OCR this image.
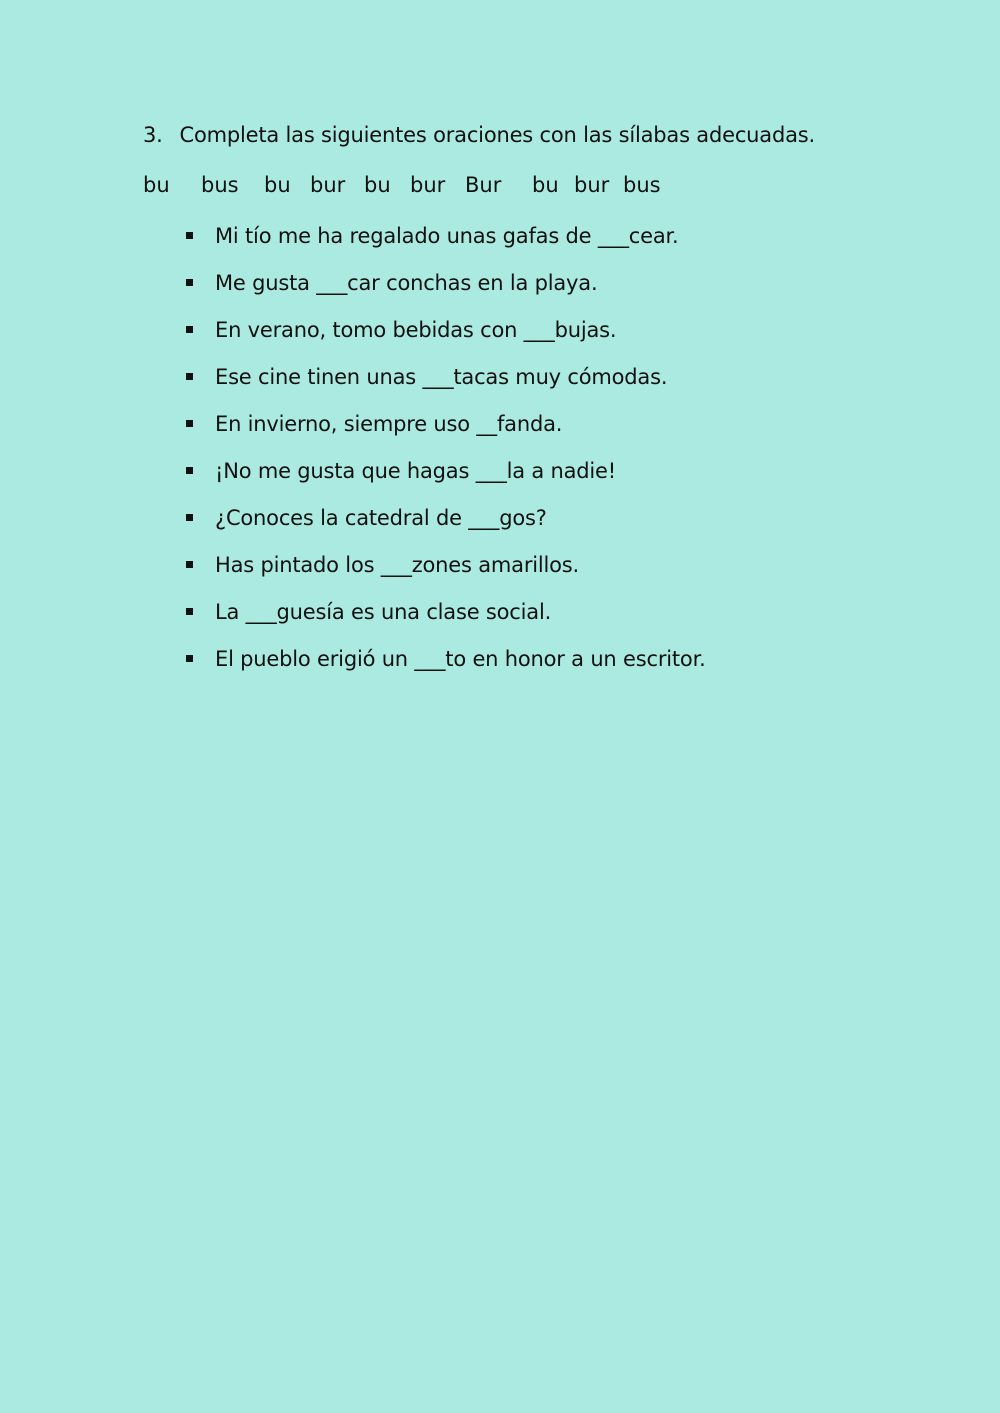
3. Completa las siguientes oraciones con las sílabas adecuadas.
bu bus bu bur bu bur Bur bu bur bus
Mi tío me ha regalado unas gafas de ___cear.
Me gusta ___car conchas en la playa.
En verano, tomo bebidas con ___bujas.
Ese cine tinen unas ___tacas muy cómodas.
En invierno, siempre uso __fanda.
¡No me gusta que hagas ___la a nadie!
¿Conoces la catedral de ___gos?
Has pintado los ___zones amarillos.
La ___guesía es una clase social.
El pueblo erigió un ___to en honor a un escritor.
